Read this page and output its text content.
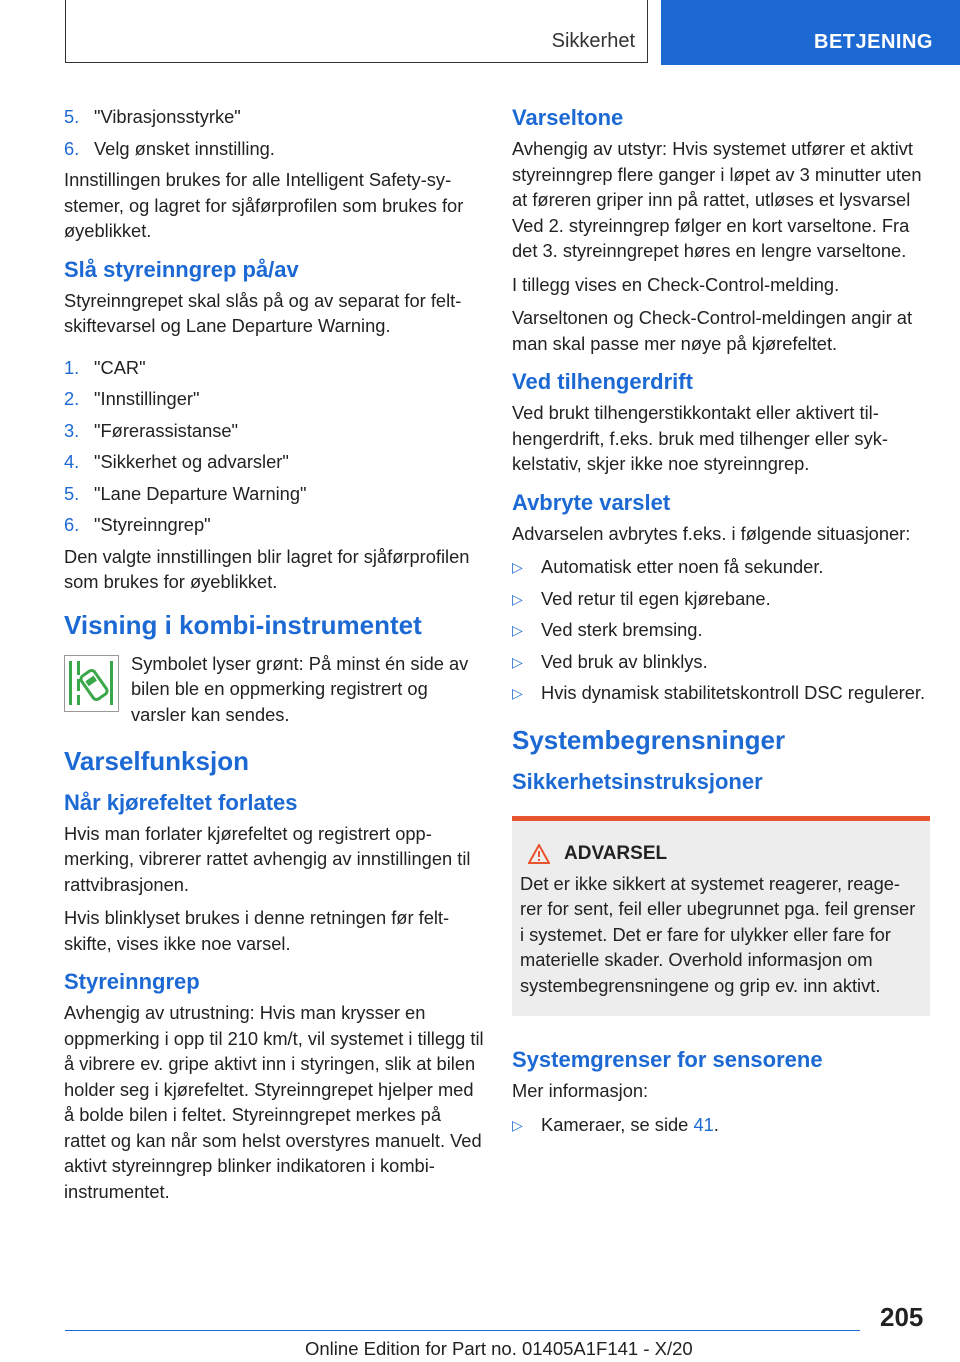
Sikkerhet	BETJENING
5. "Vibrasjonsstyrke"
6. Velg ønsket innstilling.

Innstillingen brukes for alle Intelligent Safety-systemer, og lagret for sjåførprofilen som brukes for øyeblikket.

Slå styreinngrep på/av

Styreinngrepet skal slås på og av separat for feltskiftevarsel og Lane Departure Warning.

1. "CAR"
2. "Innstillinger"
3. "Førerassistanse"
4. "Sikkerhet og advarsler"
5. "Lane Departure Warning"
6. "Styreinngrep"

Den valgte innstillingen blir lagret for sjåførprofilen som brukes for øyeblikket.

Visning i kombi-instrumentet
Symbolet lyser grønt: På minst én side av bilen ble en oppmerking registrert og varsler kan sendes.
Varselfunksjon
Når kjørefeltet forlates

Hvis man forlater kjørefeltet og registrert oppmerking, vibrerer rattet avhengig av innstillingen til rattvibrasjonen.

Hvis blinklyset brukes i denne retningen før feltskifte, vises ikke noe varsel.

Styreinngrep

Avhengig av utrustning: Hvis man krysser en oppmerking i opp til 210 km/t, vil systemet i tillegg til å vibrere ev. gripe aktivt inn i styringen, slik at bilen holder seg i kjørefeltet. Styreinngrepet hjelper med å bolde bilen i feltet. Styreinngrepet merkes på rattet og kan når som helst overstyres manuelt. Ved aktivt styreinngrep blinker indikatoren i kombi-instrumentet.

Varseltone

Avhengig av utstyr: Hvis systemet utfører et aktivt styreinngrep flere ganger i løpet av 3 minutter uten at føreren griper inn på rattet, utløses et lysvarsel Ved 2. styreinngrep følger en kort varseltone. Fra det 3. styreinngrepet høres en lengre varseltone.

I tillegg vises en Check-Control-melding.

Varseltonen og Check-Control-meldingen angir at man skal passe mer nøye på kjørefeltet.

Ved tilhengerdrift

Ved brukt tilhengerstikkontakt eller aktivert tilhengerdrift, f.eks. bruk med tilhenger eller sykkelstativ, skjer ikke noe styreinngrep.

Avbryte varslet

Advarselen avbrytes f.eks. i følgende situasjoner:

▷ Automatisk etter noen få sekunder.
▷ Ved retur til egen kjørebane.
▷ Ved sterk bremsing.
▷ Ved bruk av blinklys.
▷ Hvis dynamisk stabilitetskontroll DSC regulerer.
Systembegrensninger
Sikkerhetsinstruksjoner
ADVARSEL
Det er ikke sikkert at systemet reagerer, reagerer for sent, feil eller ubegrunnet pga. feil grenser i systemet. Det er fare for ulykker eller fare for materielle skader. Overhold informasjon om systembegrensningene og grip ev. inn aktivt.
Systemgrenser for sensorene

Mer informasjon:

▷ Kameraer, se side 41.
205
Online Edition for Part no. 01405A1F141 - X/20
